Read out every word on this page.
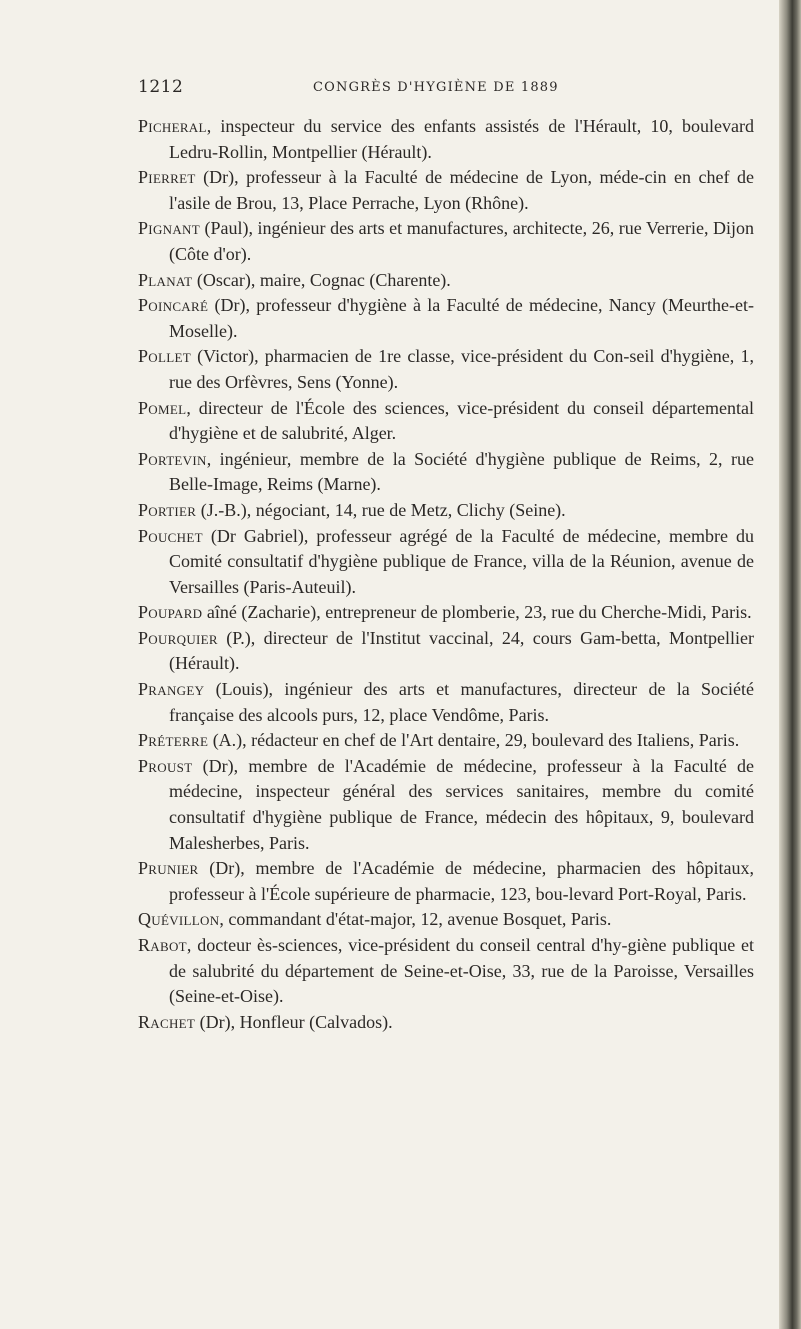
1212	CONGRÈS D'HYGIÈNE DE 1889

Picheral, inspecteur du service des enfants assistés de l'Hérault, 10, boulevard Ledru-Rollin, Montpellier (Hérault).

Pierret (Dr), professeur à la Faculté de médecine de Lyon, méde-cin en chef de l'asile de Brou, 13, Place Perrache, Lyon (Rhône).

Pignant (Paul), ingénieur des arts et manufactures, architecte, 26, rue Verrerie, Dijon (Côte d'or).

Planat (Oscar), maire, Cognac (Charente).

Poincaré (Dr), professeur d'hygiène à la Faculté de médecine, Nancy (Meurthe-et-Moselle).

Pollet (Victor), pharmacien de 1re classe, vice-président du Con-seil d'hygiène, 1, rue des Orfèvres, Sens (Yonne).

Pomel, directeur de l'École des sciences, vice-président du conseil départemental d'hygiène et de salubrité, Alger.

Portevin, ingénieur, membre de la Société d'hygiène publique de Reims, 2, rue Belle-Image, Reims (Marne).

Portier (J.-B.), négociant, 14, rue de Metz, Clichy (Seine).

Pouchet (Dr Gabriel), professeur agrégé de la Faculté de médecine, membre du Comité consultatif d'hygiène publique de France, villa de la Réunion, avenue de Versailles (Paris-Auteuil).

Poupard aîné (Zacharie), entrepreneur de plomberie, 23, rue du Cherche-Midi, Paris.

Pourquier (P.), directeur de l'Institut vaccinal, 24, cours Gam-betta, Montpellier (Hérault).

Prangey (Louis), ingénieur des arts et manufactures, directeur de la Société française des alcools purs, 12, place Vendôme, Paris.

Préterre (A.), rédacteur en chef de l'Art dentaire, 29, boulevard des Italiens, Paris.

Proust (Dr), membre de l'Académie de médecine, professeur à la Faculté de médecine, inspecteur général des services sanitaires, membre du comité consultatif d'hygiène publique de France, médecin des hôpitaux, 9, boulevard Malesherbes, Paris.

Prunier (Dr), membre de l'Académie de médecine, pharmacien des hôpitaux, professeur à l'École supérieure de pharmacie, 123, bou-levard Port-Royal, Paris.

Quévillon, commandant d'état-major, 12, avenue Bosquet, Paris.

Rabot, docteur ès-sciences, vice-président du conseil central d'hy-giène publique et de salubrité du département de Seine-et-Oise, 33, rue de la Paroisse, Versailles (Seine-et-Oise).

Rachet (Dr), Honfleur (Calvados).
